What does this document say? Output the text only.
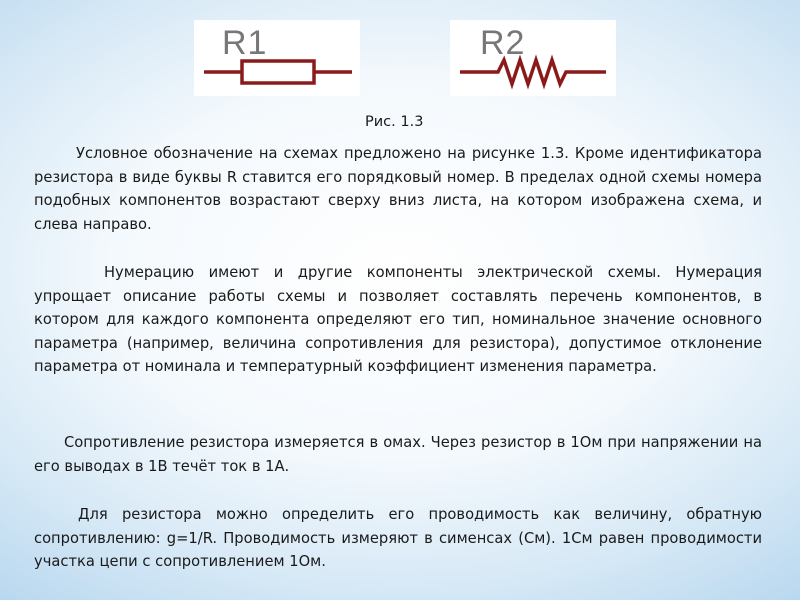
R1	R2
Рис. 1.3

Условное обозначение на схемах предложено на рисунке 1.3. Кроме идентификатора резистора в виде буквы R ставится его порядковый номер. В пределах одной схемы номера подобных компонентов возрастают сверху вниз листа, на котором изображена схема, и слева направо.

Нумерацию имеют и другие компоненты электрической схемы. Нумерация упрощает описание работы схемы и позволяет составлять перечень компонентов, в котором для каждого компонента определяют его тип, номинальное значение основного параметра (например, величина сопротивления для резистора), допустимое отклонение параметра от номинала и температурный коэффициент изменения параметра.

Сопротивление резистора измеряется в омах. Через резистор в 1Ом при напряжении на его выводах в 1В течёт ток в 1А.

Для резистора можно определить его проводимость как величину, обратную сопротивлению: g=1/R. Проводимость измеряют в сименсах (См). 1См равен проводимости участка цепи с сопротивлением 1Ом.
